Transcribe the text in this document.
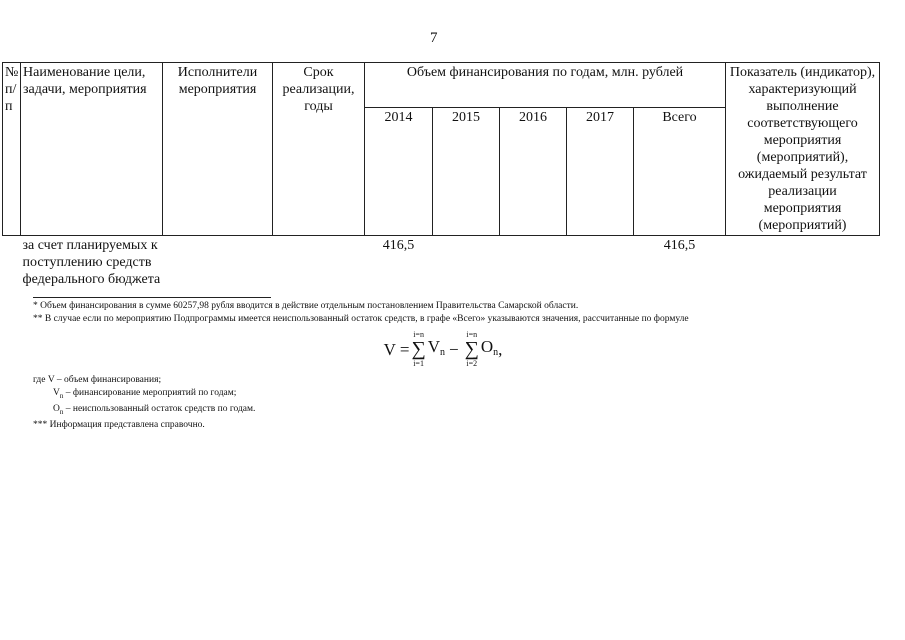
7
№ п/п	Наименование цели, задачи, мероприятия	Исполнители мероприятия	Срок реализации, годы	Объем финансирования по годам, млн. рублей					Показатель (индикатор), характеризующий выполнение соответствующего мероприятия (мероприятий), ожидаемый результат реализации мероприятия (мероприятий)
				2014	2015	2016	2017	Всего	
	за счет планируемых к поступлению средств федерального бюджета			416,5				416,5	
* Объем финансирования в сумме 60257,98 рубля вводится в действие отдельным постановлением Правительства Самарской области.
** В случае если по мероприятию Подпрограммы имеется неиспользованный остаток средств, в графе «Всего» указываются значения, рассчитанные по формуле
V =
i=n
∑
i=1
$V_n$ −
i=n
∑
i=2
$O_n$ ,
где V – объем финансирования;
$V_n$ – финансирование мероприятий по годам;
$O_n$ – неиспользованный остаток средств по годам.
*** Информация представлена справочно.
